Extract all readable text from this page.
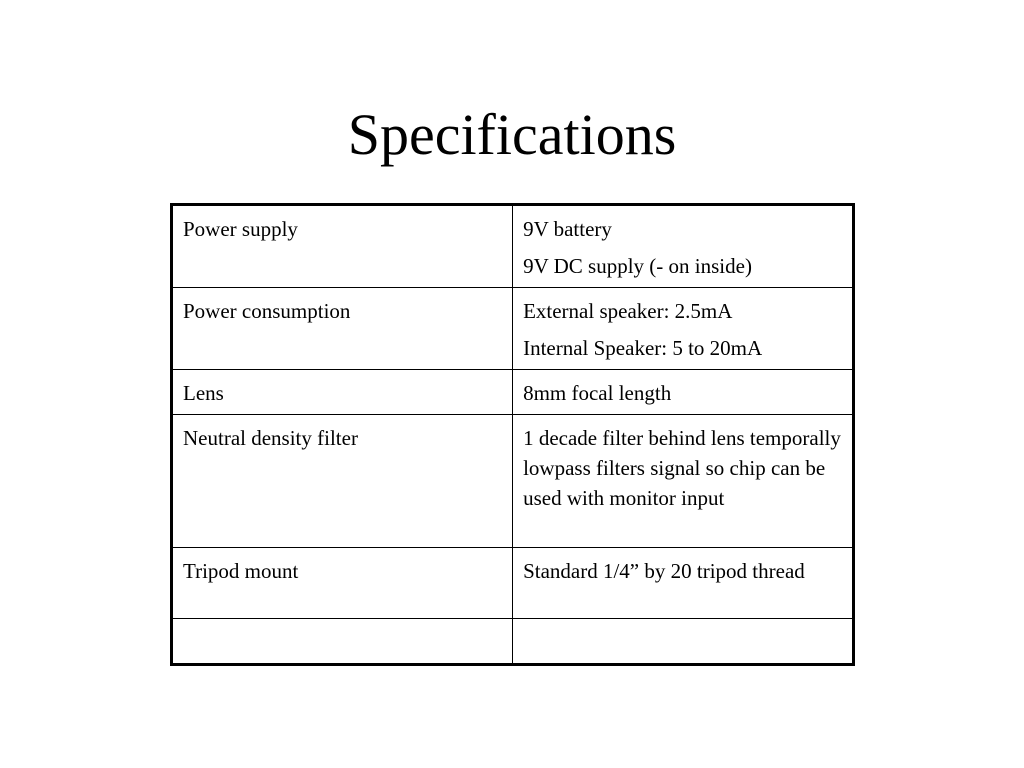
Specifications
Power supply	9V battery
9V DC supply (- on inside)

Power consumption	External speaker: 2.5mA
Internal Speaker: 5 to 20mA

Lens	8mm focal length

Neutral density filter	1 decade filter behind lens temporally lowpass filters signal so chip can be used with monitor input

Tripod mount	Standard 1/4” by 20 tripod thread
